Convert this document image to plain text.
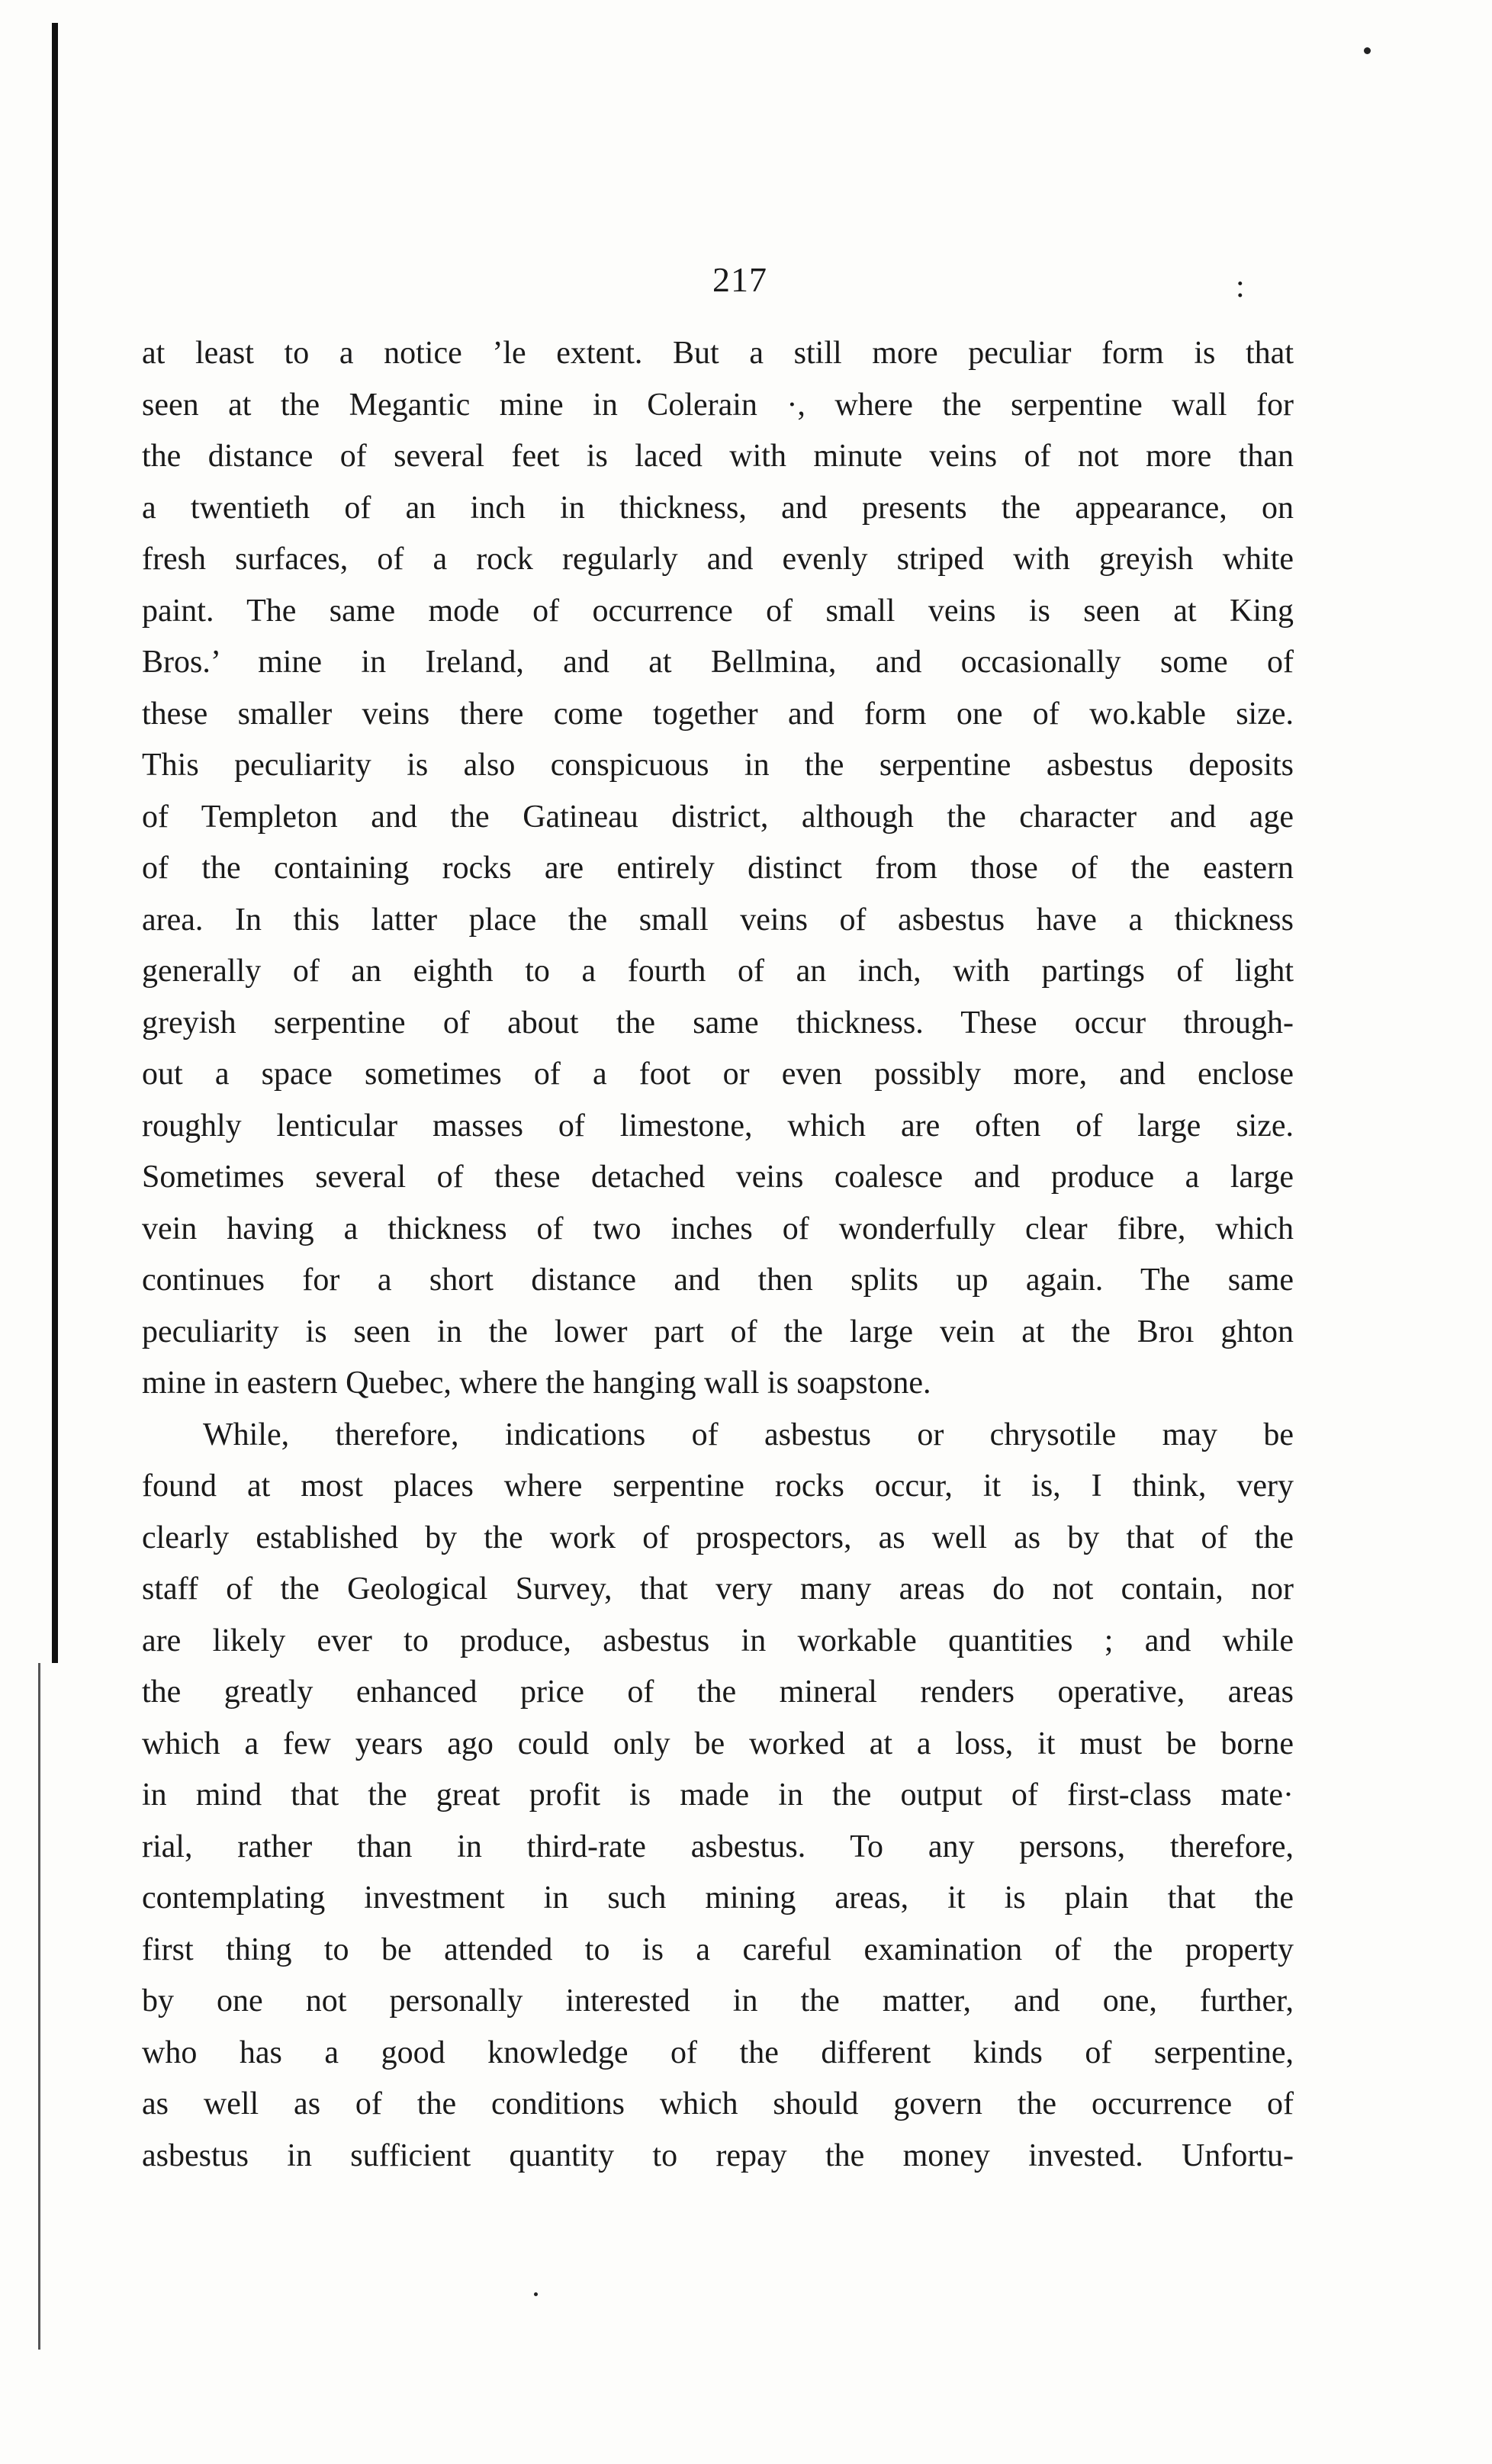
217	:
at least to a notice ’le extent. But a still more peculiar form is that
seen at the Megantic mine in Colerain ·, where the serpentine wall for
the distance of several feet is laced with minute veins of not more than
a twentieth of an inch in thickness, and presents the appearance, on
fresh surfaces, of a rock regularly and evenly striped with greyish white
paint. The same mode of occurrence of small veins is seen at King
Bros.’ mine in Ireland, and at Bellmina, and occasionally some of
these smaller veins there come together and form one of wo.kable size.
This peculiarity is also conspicuous in the serpentine asbestus deposits
of Templeton and the Gatineau district, although the character and age
of the containing rocks are entirely distinct from those of the eastern
area. In this latter place the small veins of asbestus have a thickness
generally of an eighth to a fourth of an inch, with partings of light
greyish serpentine of about the same thickness. These occur through-
out a space sometimes of a foot or even possibly more, and enclose
roughly lenticular masses of limestone, which are often of large size.
Sometimes several of these detached veins coalesce and produce a large
vein having a thickness of two inches of wonderfully clear fibre, which
continues for a short distance and then splits up again. The same
peculiarity is seen in the lower part of the large vein at the Broı ghton
mine in eastern Quebec, where the hanging wall is soapstone.
While, therefore, indications of asbestus or chrysotile may be
found at most places where serpentine rocks occur, it is, I think, very
clearly established by the work of prospectors, as well as by that of the
staff of the Geological Survey, that very many areas do not contain, nor
are likely ever to produce, asbestus in workable quantities ; and while
the greatly enhanced price of the mineral renders operative, areas
which a few years ago could only be worked at a loss, it must be borne
in mind that the great profit is made in the output of first-class mate·
rial, rather than in third-rate asbestus. To any persons, therefore,
contemplating investment in such mining areas, it is plain that the
first thing to be attended to is a careful examination of the property
by one not personally interested in the matter, and one, further,
who has a good knowledge of the different kinds of serpentine,
as well as of the conditions which should govern the occurrence of
asbestus in sufficient quantity to repay the money invested. Unfortu-
